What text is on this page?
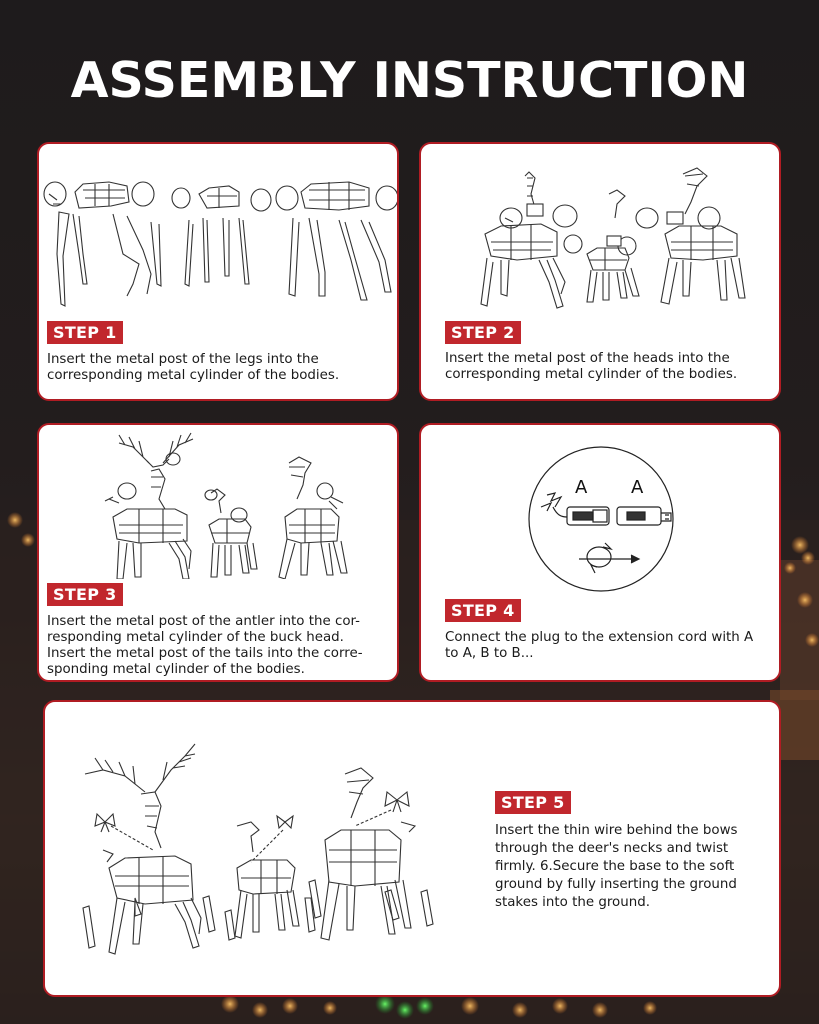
ASSEMBLY INSTRUCTION
STEP 1
Insert the metal post of the legs into the
corresponding metal cylinder of the bodies.
STEP 2
Insert the metal post of the heads into the
corresponding metal cylinder of the bodies.
STEP 3
Insert the metal post of the antler into the cor-
responding metal cylinder of the buck head.
Insert the metal post of the tails into the corre-
sponding metal cylinder of the bodies.
A A
STEP 4
Connect the plug to the extension cord with A
to A, B to B...
STEP 5
Insert the thin wire behind the bows
through the deer's necks and twist
firmly. 6.Secure the base to the soft
ground by fully inserting the ground
stakes into the ground.
